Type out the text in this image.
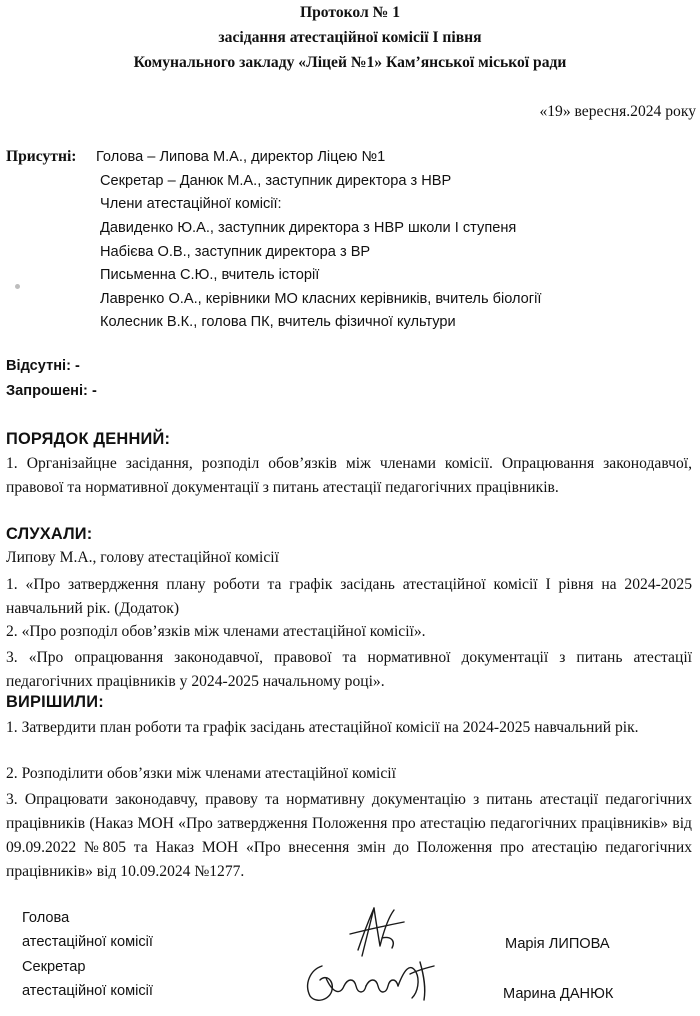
Протокол № 1
засідання атестаційної комісії І півня
Комунального закладу «Ліцей №1» Кам’янської міської ради
«19» вересня.2024 року
Присутні: Голова – Липова М.А., директор Ліцею №1
Секретар – Данюк М.А., заступник директора з НВР
Члени атестаційної комісії:
Давиденко Ю.А., заступник директора з НВР школи І ступеня
Набієва О.В., заступник директора з ВР
Письменна С.Ю., вчитель історії
Лавренко О.А., керівники МО класних керівників, вчитель біології
Колесник В.К., голова ПК, вчитель фізичної культури
Відсутні: -
Запрошені: -
ПОРЯДОК ДЕННИЙ:
1. Організайцне засідання, розподіл обов’язків між членами комісії. Опрацювання законодавчої, правової та нормативної документації з питань атестації педагогічних працівників.
СЛУХАЛИ:
Липову М.А., голову атестаційної комісії
1. «Про затвердження плану роботи та графік засідань атестаційної комісії І рівня на 2024-2025 навчальний рік. (Додаток)
2. «Про розподіл обов’язків між членами атестаційної комісії».
3. «Про опрацювання законодавчої, правової та нормативної документації з питань атестації педагогічних працівників у 2024-2025 начальному році».
ВИРІШИЛИ:
1. Затвердити план роботи та графік засідань атестаційної комісії на 2024-2025 навчальний рік.
2. Розподілити обов’язки між членами атестаційної комісії
3. Опрацювати законодавчу, правову та нормативну документацію з питань атестації педагогічних працівників (Наказ МОН «Про затвердження Положення про атестацію педагогічних працівників» від 09.09.2022 №805 та Наказ МОН «Про внесення змін до Положення про атестацію педагогічних працівників» від 10.09.2024 №1277.
Голова
атестаційної комісії
Секретар
атестаційної комісії
Марія ЛИПОВА
Марина ДАНЮК
